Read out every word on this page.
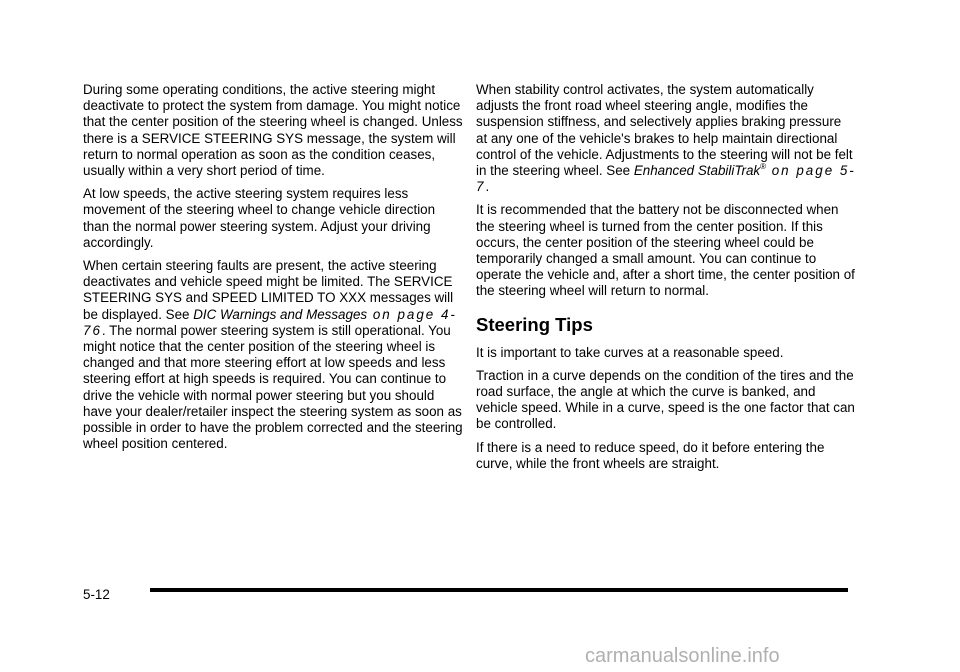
During some operating conditions, the active steering might deactivate to protect the system from damage. You might notice that the center position of the steering wheel is changed. Unless there is a SERVICE STEERING SYS message, the system will return to normal operation as soon as the condition ceases, usually within a very short period of time.

At low speeds, the active steering system requires less movement of the steering wheel to change vehicle direction than the normal power steering system. Adjust your driving accordingly.

When certain steering faults are present, the active steering deactivates and vehicle speed might be limited. The SERVICE STEERING SYS and SPEED LIMITED TO XXX messages will be displayed. See DIC Warnings and Messages on page 4-76. The normal power steering system is still operational. You might notice that the center position of the steering wheel is changed and that more steering effort at low speeds and less steering effort at high speeds is required. You can continue to drive the vehicle with normal power steering but you should have your dealer/retailer inspect the steering system as soon as possible in order to have the problem corrected and the steering wheel position centered.

When stability control activates, the system automatically adjusts the front road wheel steering angle, modifies the suspension stiffness, and selectively applies braking pressure at any one of the vehicle's brakes to help maintain directional control of the vehicle. Adjustments to the steering will not be felt in the steering wheel. See Enhanced StabiliTrak® on page 5-7.

It is recommended that the battery not be disconnected when the steering wheel is turned from the center position. If this occurs, the center position of the steering wheel could be temporarily changed a small amount. You can continue to operate the vehicle and, after a short time, the center position of the steering wheel will return to normal.

Steering Tips

It is important to take curves at a reasonable speed.

Traction in a curve depends on the condition of the tires and the road surface, the angle at which the curve is banked, and vehicle speed. While in a curve, speed is the one factor that can be controlled.

If there is a need to reduce speed, do it before entering the curve, while the front wheels are straight.

5-12
carmanualsonline.info
